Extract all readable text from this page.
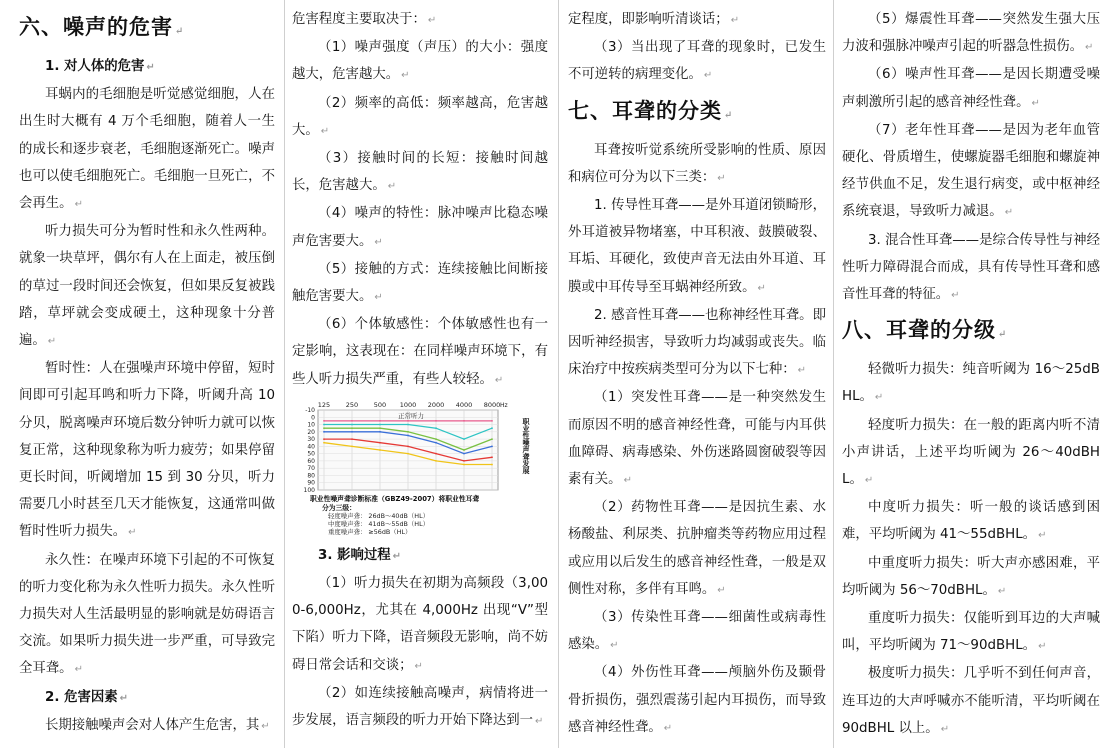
六、噪声的危害 ↵

1. 对人体的危害 ↵

耳蜗内的毛细胞是听觉感觉细胞，人在出生时大概有 4 万个毛细胞，随着人一生的成长和逐步衰老，毛细胞逐渐死亡。噪声也可以使毛细胞死亡。毛细胞一旦死亡，不会再生。 ↵

听力损失可分为暂时性和永久性两种。就象一块草坪，偶尔有人在上面走，被压倒的草过一段时间还会恢复，但如果反复被践踏，草坪就会变成硬土，这种现象十分普遍。 ↵

暂时性：人在强噪声环境中停留，短时间即可引起耳鸣和听力下降，听阈升高 10 分贝，脱离噪声环境后数分钟听力就可以恢复正常，这种现象称为听力疲劳；如果停留更长时间，听阈增加 15 到 30 分贝，听力需要几小时甚至几天才能恢复，这通常叫做暂时性听力损失。 ↵

永久性：在噪声环境下引起的不可恢复的听力变化称为永久性听力损失。永久性听力损失对人生活最明显的影响就是妨碍语言交流。如果听力损失进一步严重，可导致完全耳聋。 ↵

2. 危害因素 ↵

长期接触噪声会对人体产生危害，其 ↵

危害程度主要取决于： ↵

（1）噪声强度（声压）的大小：强度越大，危害越大。 ↵

（2）频率的高低：频率越高，危害越大。 ↵

（3）接触时间的长短：接触时间越长，危害越大。 ↵

（4）噪声的特性：脉冲噪声比稳态噪声危害要大。 ↵

（5）接触的方式：连续接触比间断接触危害要大。 ↵

（6）个体敏感性：个体敏感性也有一定影响，这表现在：在同样噪声环境下，有些人听力损失严重，有些人较轻。 ↵

125 250 500 1000 2000 4000 8000 Hz
-10
0
10
20
30
40
50
60
70
80
90
100
正常听力
职业性噪声聋发展
职业性噪声聋诊断标准（GBZ49-2007）将职业性耳聋
分为三级：
轻度噪声聋： 26dB～40dB（HL）
中度噪声聋： 41dB～55dB（HL）
重度噪声聋： ≥56dB（HL）

3. 影响过程 ↵

（1）听力损失在初期为高频段（3,000-6,000Hz，尤其在 4,000Hz 出现“V”型下陷）听力下降，语音频段无影响，尚不妨碍日常会话和交谈； ↵

（2）如连续接触高噪声，病情将进一步发展，语言频段的听力开始下降达到一 ↵

定程度，即影响听清谈话； ↵

（3）当出现了耳聋的现象时，已发生不可逆转的病理变化。 ↵

七、耳聋的分类 ↵

耳聋按听觉系统所受影响的性质、原因和病位可分为以下三类： ↵

1. 传导性耳聋——是外耳道闭锁畸形，外耳道被异物堵塞，中耳积液、鼓膜破裂、耳垢、耳硬化，致使声音无法由外耳道、耳膜或中耳传导至耳蜗神经所致。 ↵

2. 感音性耳聋——也称神经性耳聋。即因听神经损害，导致听力均减弱或丧失。临床治疗中按疾病类型可分为以下七种： ↵

（1）突发性耳聋——是一种突然发生而原因不明的感音神经性聋，可能与内耳供血障碍、病毒感染、外伤迷路圆窗破裂等因素有关。 ↵

（2）药物性耳聋——是因抗生素、水杨酸盐、利尿类、抗肿瘤类等药物应用过程或应用以后发生的感音神经性聋，一般是双侧性对称，多伴有耳鸣。 ↵

（3）传染性耳聋——细菌性或病毒性感染。 ↵

（4）外伤性耳聋——颅脑外伤及颞骨骨折损伤，强烈震荡引起内耳损伤，而导致感音神经性聋。 ↵

（5）爆震性耳聋——突然发生强大压力波和强脉冲噪声引起的听器急性损伤。 ↵

（6）噪声性耳聋——是因长期遭受噪声刺激所引起的感音神经性聋。 ↵

（7）老年性耳聋——是因为老年血管硬化、骨质增生，使螺旋器毛细胞和螺旋神经节供血不足，发生退行病变，或中枢神经系统衰退，导致听力减退。 ↵

3. 混合性耳聋——是综合传导性与神经性听力障碍混合而成，具有传导性耳聋和感音性耳聋的特征。 ↵

八、耳聋的分级 ↵

轻微听力损失：纯音听阈为 16～25dBHL。 ↵

轻度听力损失：在一般的距离内听不清小声讲话，上述平均听阈为 26～40dBHL。 ↵

中度听力损失：听一般的谈话感到困难，平均听阈为 41～55dBHL。 ↵

中重度听力损失：听大声亦感困难，平均听阈为 56～70dBHL。 ↵

重度听力损失：仅能听到耳边的大声喊叫，平均听阈为 71～90dBHL。 ↵

极度听力损失：几乎听不到任何声音，连耳边的大声呼喊亦不能听清，平均听阈在 90dBHL 以上。 ↵
